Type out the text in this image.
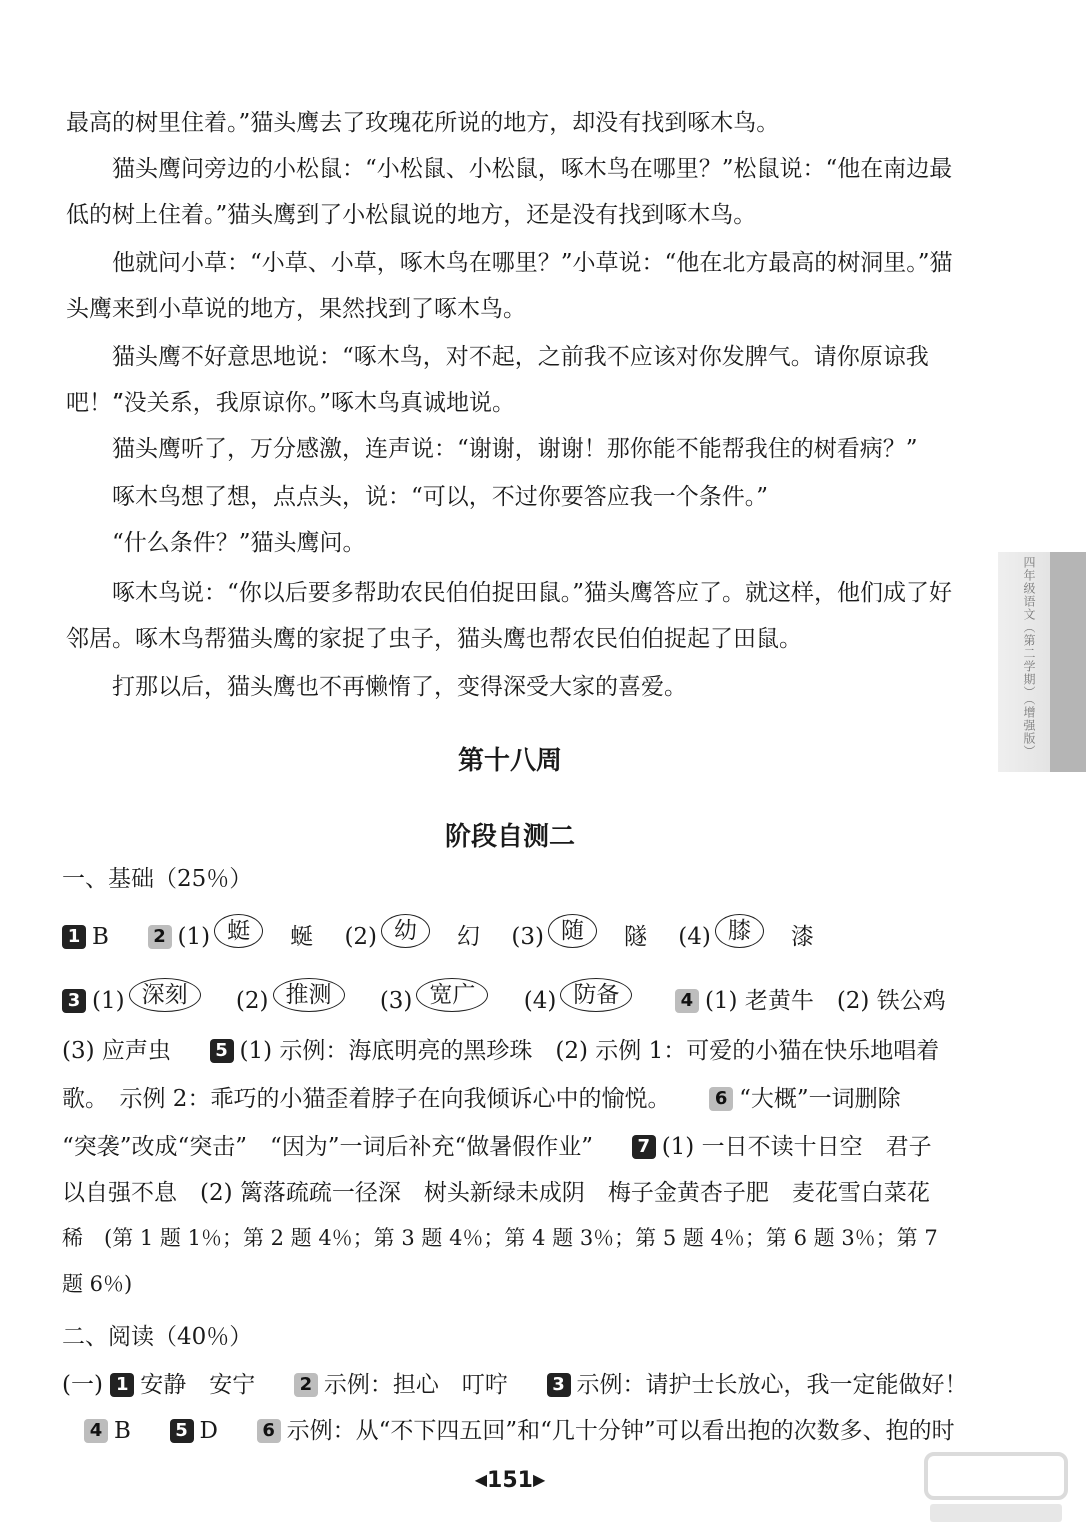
最高的树里住着。”猫头鹰去了玫瑰花所说的地方，却没有找到啄木鸟。

猫头鹰问旁边的小松鼠：“小松鼠、小松鼠，啄木鸟在哪里？”松鼠说：“他在南边最低的树上住着。”猫头鹰到了小松鼠说的地方，还是没有找到啄木鸟。

他就问小草：“小草、小草，啄木鸟在哪里？”小草说：“他在北方最高的树洞里。”猫头鹰来到小草说的地方，果然找到了啄木鸟。

猫头鹰不好意思地说：“啄木鸟，对不起，之前我不应该对你发脾气。请你原谅我吧！”

“没关系，我原谅你。”啄木鸟真诚地说。

猫头鹰听了，万分感激，连声说：“谢谢，谢谢！那你能不能帮我住的树看病？”

啄木鸟想了想，点点头，说：“可以，不过你要答应我一个条件。”

“什么条件？”猫头鹰问。

啄木鸟说：“你以后要多帮助农民伯伯捉田鼠。”猫头鹰答应了。就这样，他们成了好邻居。啄木鸟帮猫头鹰的家捉了虫子，猫头鹰也帮农民伯伯捉起了田鼠。

打那以后，猫头鹰也不再懒惰了，变得深受大家的喜爱。

第十八周
阶段自测二
一、基础（25％）
1 B 2 (1) 蜓　 蜒 (2) 幼　 幻 (3) 随　 隧 (4) 膝　 漆
3 (1) 深刻 (2) 推测 (3) 宽广 (4) 防备	4 (1) 老黄牛　(2) 铁公鸡
(3) 应声虫 5 (1) 示例：海底明亮的黑珍珠　(2) 示例 1：可爱的小猫在快乐地唱着
歌。　示例 2：乖巧的小猫歪着脖子在向我倾诉心中的愉悦。 6 “大概”一词删除
“突袭”改成“突击”　“因为”一词后补充“做暑假作业” 7 (1) 一日不读十日空　君子
以自强不息　(2) 篱落疏疏一径深　树头新绿未成阴　梅子金黄杏子肥　麦花雪白菜花
稀　(第 1 题 1％；第 2 题 4％；第 3 题 4％；第 4 题 3％；第 5 题 4％；第 6 题 3％；第 7
题 6％)
二、阅读（40％）
(一) 1 安静　安宁 2 示例：担心　叮咛 3 示例：请护士长放心，我一定能做好！
4 B 5 D 6 示例：从“不下四五回”和“几十分钟”可以看出抱的次数多、抱的时
四年级语文（第二学期）（增强版）
◀151▶
